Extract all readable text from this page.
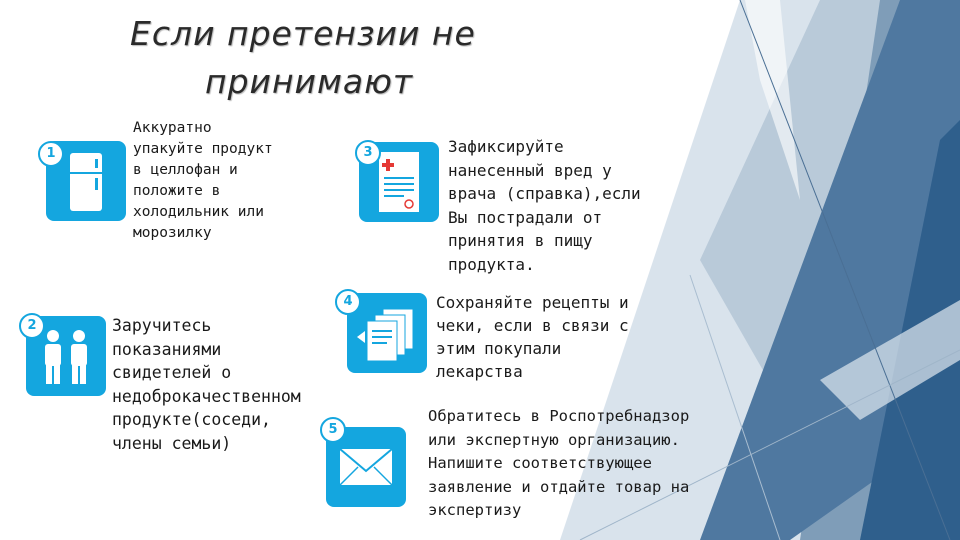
Если претензии не
принимают
1
Аккуратно
упакуйте продукт
в целлофан и
положите в
холодильник или
морозилку
2	Заручитесь
показаниями
свидетелей о
недоброкачественном
продукте(соседи,
члены семьи)
3	Зафиксируйте
нанесенный вред у
врача (справка),если
Вы пострадали от
принятия в пищу
продукта.
4	Сохраняйте рецепты и
чеки, если в связи с
этим покупали
лекарства
5
Обратитесь в Роспотребнадзор
или экспертную организацию.
Напишите соответствующее
заявление и отдайте товар на
экспертизу
